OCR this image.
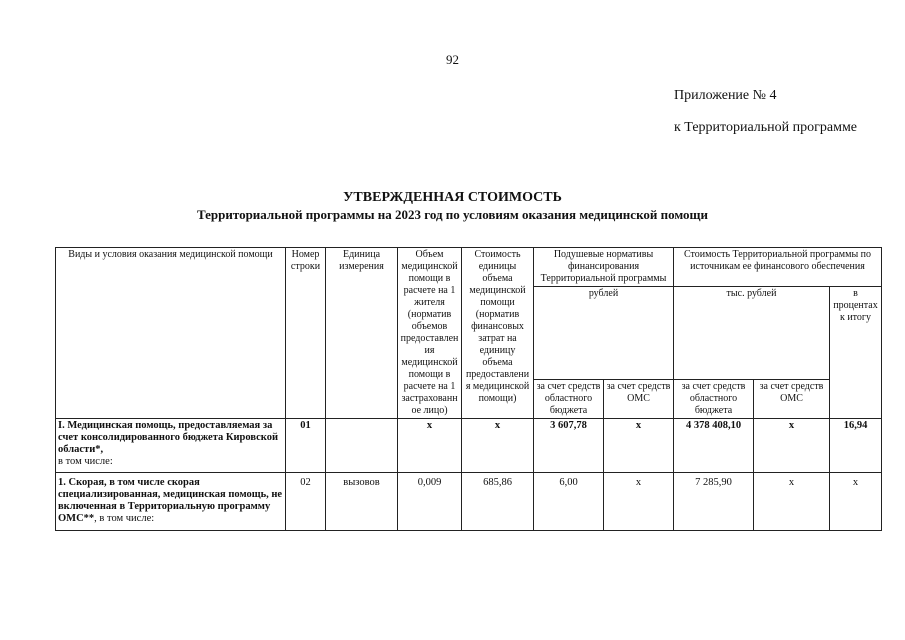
92
Приложение № 4
к Территориальной программе
УТВЕРЖДЕННАЯ СТОИМОСТЬ
Территориальной программы на 2023 год по условиям оказания медицинской помощи
Виды и условия оказания медицинской помощи	Номер строки	Единица измерения	Объем медицинской помощи в расчете на 1 жителя (норматив объемов предоставления медицинской помощи в расчете на 1 застрахованное лицо)	Стоимость единицы объема медицинской помощи (норматив финансовых затрат на единицу объема предоставления медицинской помощи)	Подушевые нормативы финансирования Территориальной программы		Стоимость Территориальной программы по источникам ее финансового обеспечения		
					рублей		тыс. рублей		в процентах к итогу
					за счет средств областного бюджета	за счет средств ОМС	за счет средств областного бюджета	за счет средств ОМС	
I. Медицинская помощь, предоставляемая за счет консолидированного бюджета Кировской области*,
в том числе:	01		х	х	3 607,78	х	4 378 408,10	х	16,94
1. Скорая, в том числе скорая специализированная, медицинская помощь, не включенная в Территориальную программу ОМС**, в том числе:	02	вызовов	0,009	685,86	6,00	х	7 285,90	х	х
